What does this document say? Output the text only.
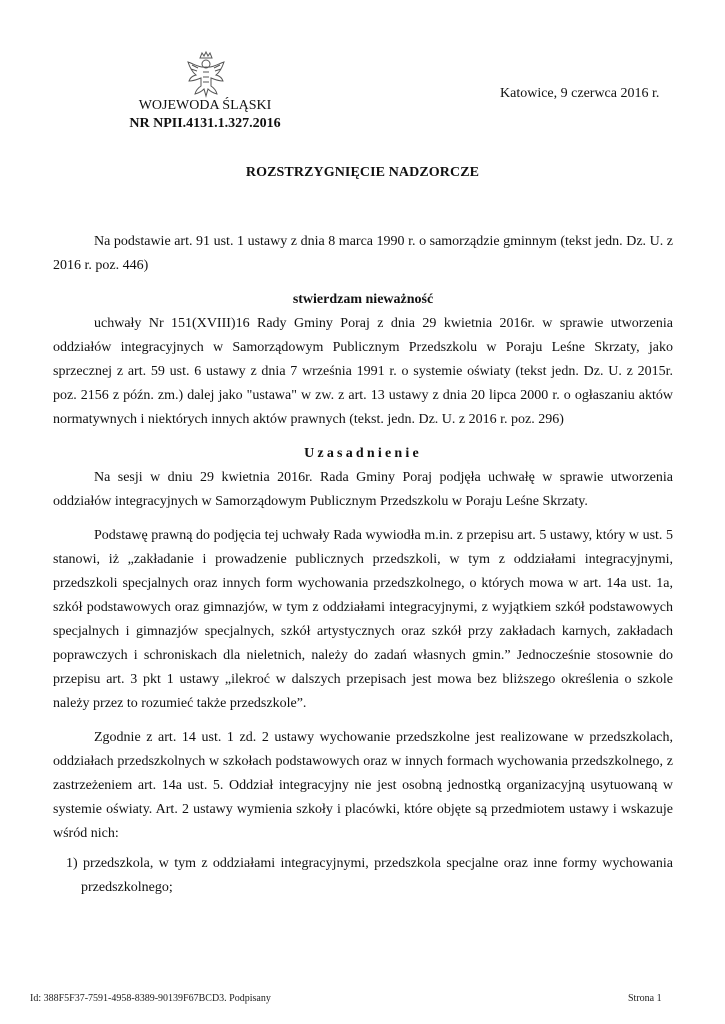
WOJEWODA ŚLĄSKI
NR NPII.4131.1.327.2016
Katowice, 9 czerwca 2016 r.
ROZSTRZYGNIĘCIE NADZORCZE

Na podstawie art. 91 ust. 1 ustawy z dnia 8 marca 1990 r. o samorządzie gminnym (tekst jedn. Dz. U. z 2016 r. poz. 446)

stwierdzam nieważność

uchwały Nr 151(XVIII)16 Rady Gminy Poraj z dnia 29 kwietnia 2016r. w sprawie utworzenia oddziałów integracyjnych w Samorządowym Publicznym Przedszkolu w Poraju Leśne Skrzaty, jako sprzecznej z art. 59 ust. 6 ustawy z dnia 7 września 1991 r. o systemie oświaty (tekst jedn. Dz. U. z 2015r. poz. 2156 z późn. zm.) dalej jako "ustawa" w zw. z art. 13 ustawy z dnia 20 lipca 2000 r. o ogłaszaniu aktów normatywnych i niektórych innych aktów prawnych (tekst. jedn. Dz. U. z 2016 r. poz. 296)

Uzasadnienie

Na sesji w dniu 29 kwietnia 2016r. Rada Gminy Poraj podjęła uchwałę w sprawie utworzenia oddziałów integracyjnych w Samorządowym Publicznym Przedszkolu w Poraju Leśne Skrzaty.

Podstawę prawną do podjęcia tej uchwały Rada wywiodła m.in. z przepisu art. 5 ustawy, który w ust. 5 stanowi, iż „zakładanie i prowadzenie publicznych przedszkoli, w tym z oddziałami integracyjnymi, przedszkoli specjalnych oraz innych form wychowania przedszkolnego, o których mowa w art. 14a ust. 1a, szkół podstawowych oraz gimnazjów, w tym z oddziałami integracyjnymi, z wyjątkiem szkół podstawowych specjalnych i gimnazjów specjalnych, szkół artystycznych oraz szkół przy zakładach karnych, zakładach poprawczych i schroniskach dla nieletnich, należy do zadań własnych gmin.” Jednocześnie stosownie do przepisu art. 3 pkt 1 ustawy „ilekroć w dalszych przepisach jest mowa bez bliższego określenia o szkole należy przez to rozumieć także przedszkole”.

Zgodnie z art. 14 ust. 1 zd. 2 ustawy wychowanie przedszkolne jest realizowane w przedszkolach, oddziałach przedszkolnych w szkołach podstawowych oraz w innych formach wychowania przedszkolnego, z zastrzeżeniem art. 14a ust. 5. Oddział integracyjny nie jest osobną jednostką organizacyjną usytuowaną w systemie oświaty. Art. 2 ustawy wymienia szkoły i placówki, które objęte są przedmiotem ustawy i wskazuje wśród nich:

1) przedszkola, w tym z oddziałami integracyjnymi, przedszkola specjalne oraz inne formy wychowania przedszkolnego;
Id: 388F5F37-7591-4958-8389-90139F67BCD3. Podpisany	Strona 1
